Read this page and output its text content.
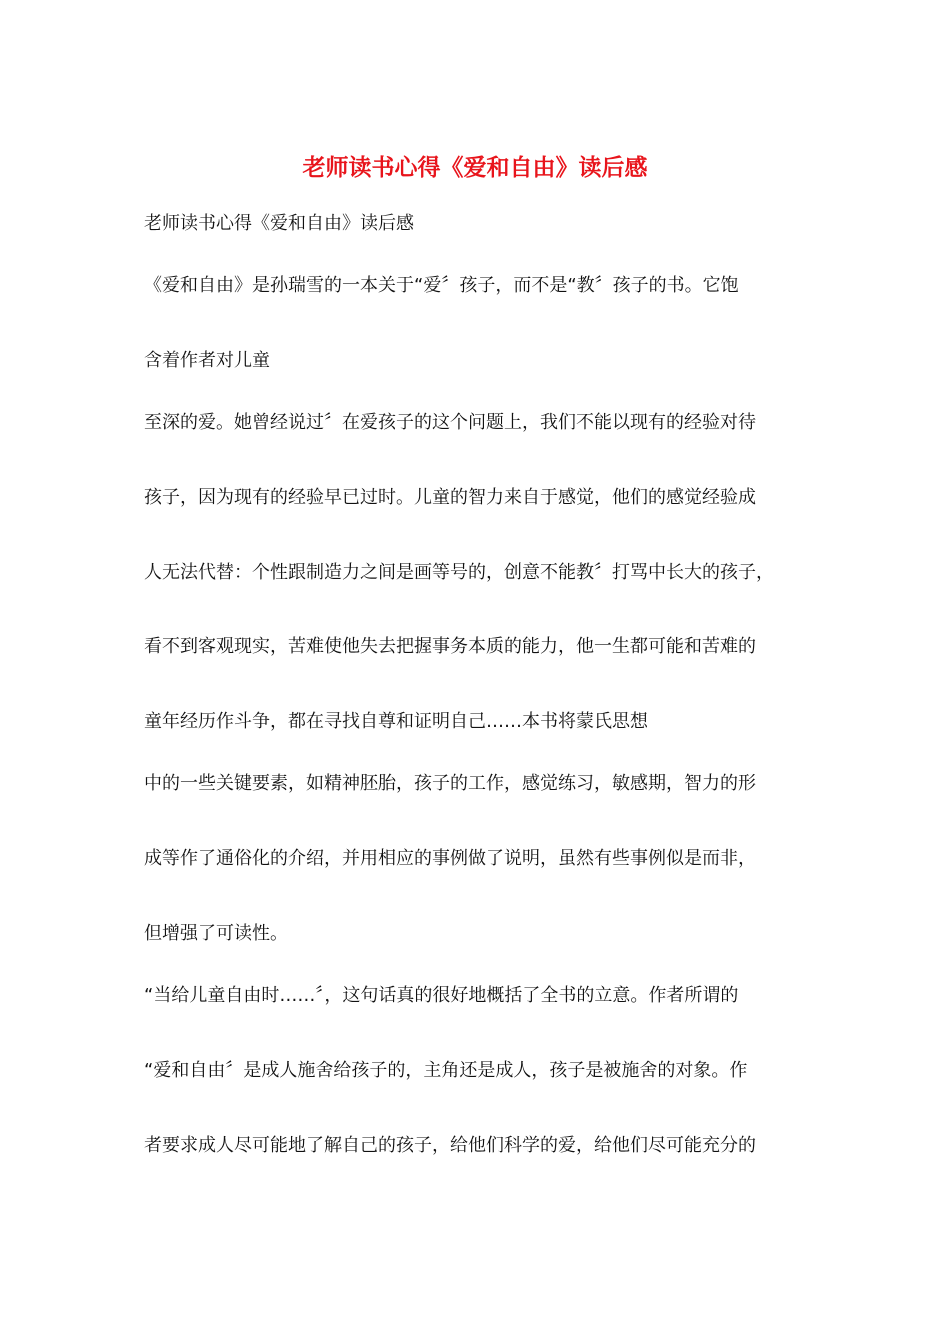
老师读书心得《爱和自由》读后感
老师读书心得《爱和自由》读后感
《爱和自由》是孙瑞雪的一本关于“爱〞孩子，而不是“教〞孩子的书。它饱
含着作者对儿童
至深的爱。她曾经说过〞在爱孩子的这个问题上，我们不能以现有的经验对待
孩子，因为现有的经验早已过时。儿童的智力来自于感觉，他们的感觉经验成
人无法代替：个性跟制造力之间是画等号的，创意不能教〞打骂中长大的孩子，
看不到客观现实，苦难使他失去把握事务本质的能力，他一生都可能和苦难的
童年经历作斗争，都在寻找自尊和证明自己……本书将蒙氏思想
中的一些关键要素，如精神胚胎，孩子的工作，感觉练习，敏感期，智力的形
成等作了通俗化的介绍，并用相应的事例做了说明，虽然有些事例似是而非，
但增强了可读性。
“当给儿童自由时……〞，这句话真的很好地概括了全书的立意。作者所谓的
“爱和自由〞是成人施舍给孩子的，主角还是成人，孩子是被施舍的对象。作
者要求成人尽可能地了解自己的孩子，给他们科学的爱，给他们尽可能充分的
